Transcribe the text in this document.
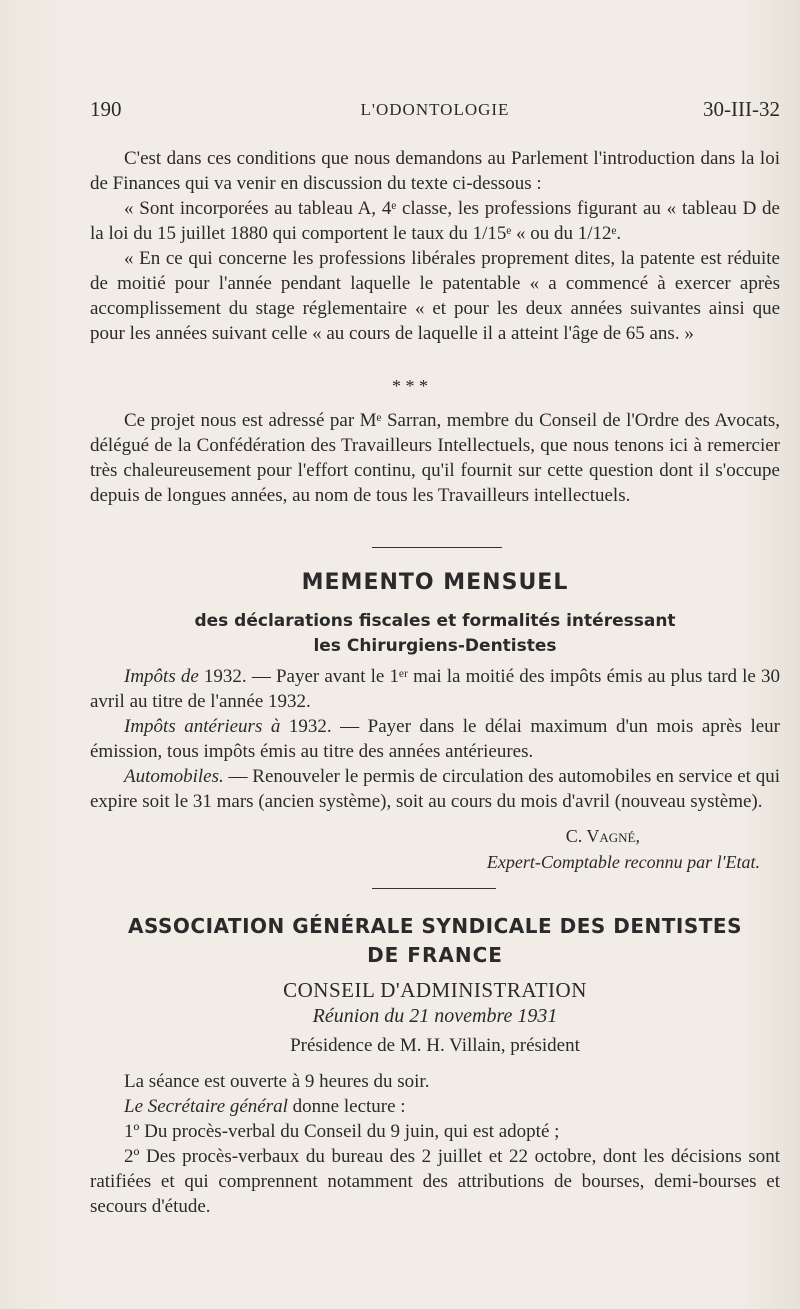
190	L'ODONTOLOGIE	30-III-32

C'est dans ces conditions que nous demandons au Parlement l'introduction dans la loi de Finances qui va venir en discussion du texte ci-dessous :

« Sont incorporées au tableau A, 4ᵉ classe, les professions figurant au « tableau D de la loi du 15 juillet 1880 qui comportent le taux du 1/15ᵉ « ou du 1/12ᵉ.

« En ce qui concerne les professions libérales proprement dites, la patente est réduite de moitié pour l'année pendant laquelle le patentable « a commencé à exercer après accomplissement du stage réglementaire « et pour les deux années suivantes ainsi que pour les années suivant celle « au cours de laquelle il a atteint l'âge de 65 ans. »

* * *

Ce projet nous est adressé par Mᵉ Sarran, membre du Conseil de l'Ordre des Avocats, délégué de la Confédération des Travailleurs Intellectuels, que nous tenons ici à remercier très chaleureusement pour l'effort continu, qu'il fournit sur cette question dont il s'occupe depuis de longues années, au nom de tous les Travailleurs intellectuels.

MEMENTO MENSUEL
des déclarations fiscales et formalités intéressant
les Chirurgiens-Dentistes

Impôts de 1932. — Payer avant le 1ᵉʳ mai la moitié des impôts émis au plus tard le 30 avril au titre de l'année 1932.

Impôts antérieurs à 1932. — Payer dans le délai maximum d'un mois après leur émission, tous impôts émis au titre des années antérieures.

Automobiles. — Renouveler le permis de circulation des automobiles en service et qui expire soit le 31 mars (ancien système), soit au cours du mois d'avril (nouveau système).

C. Vagné,
Expert-Comptable reconnu par l'Etat.
ASSOCIATION GÉNÉRALE SYNDICALE DES DENTISTES
DE FRANCE
CONSEIL D'ADMINISTRATION
Réunion du 21 novembre 1931
Présidence de M. H. Villain, président

La séance est ouverte à 9 heures du soir.

Le Secrétaire général donne lecture :

1º Du procès-verbal du Conseil du 9 juin, qui est adopté ;

2º Des procès-verbaux du bureau des 2 juillet et 22 octobre, dont les décisions sont ratifiées et qui comprennent notamment des attributions de bourses, demi-bourses et secours d'étude.
